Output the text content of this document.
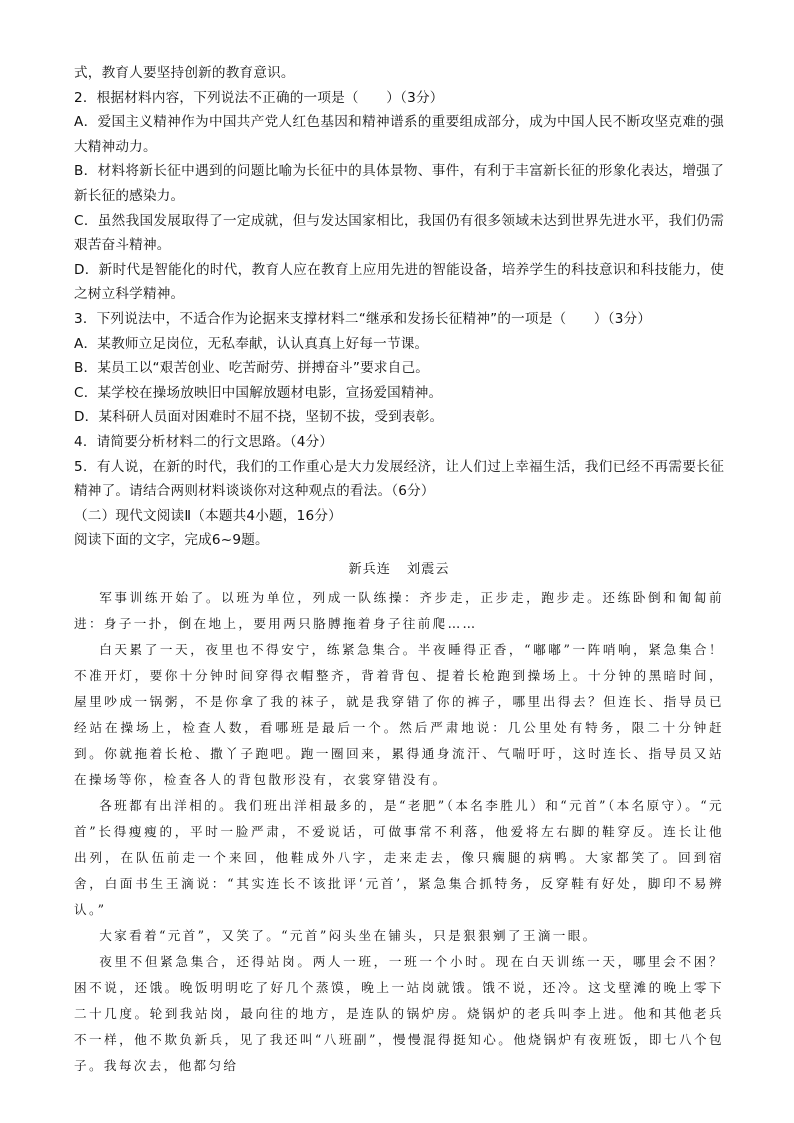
式，教育人要坚持创新的教育意识。

2．根据材料内容，下列说法不正确的一项是（　　）（3分）

A．爱国主义精神作为中国共产党人红色基因和精神谱系的重要组成部分，成为中国人民不断攻坚克难的强大精神动力。

B．材料将新长征中遇到的问题比喻为长征中的具体景物、事件，有利于丰富新长征的形象化表达，增强了新长征的感染力。

C．虽然我国发展取得了一定成就，但与发达国家相比，我国仍有很多领域未达到世界先进水平，我们仍需艰苦奋斗精神。

D．新时代是智能化的时代，教育人应在教育上应用先进的智能设备，培养学生的科技意识和科技能力，使之树立科学精神。

3．下列说法中，不适合作为论据来支撑材料二“继承和发扬长征精神”的一项是（　　）（3分）

A．某教师立足岗位，无私奉献，认认真真上好每一节课。

B．某员工以“艰苦创业、吃苦耐劳、拼搏奋斗”要求自己。

C．某学校在操场放映旧中国解放题材电影，宣扬爱国精神。

D．某科研人员面对困难时不屈不挠，坚韧不拔，受到表彰。

4．请简要分析材料二的行文思路。（4分）

5．有人说，在新的时代，我们的工作重心是大力发展经济，让人们过上幸福生活，我们已经不再需要长征精神了。请结合两则材料谈谈你对这种观点的看法。（6分）

（二）现代文阅读Ⅱ（本题共4小题，16分）

阅读下面的文字，完成6~9题。

新兵连 刘震云

军事训练开始了。以班为单位，列成一队练操：齐步走，正步走，跑步走。还练卧倒和匍匐前进：身子一扑，倒在地上，要用两只胳膊拖着身子往前爬……

白天累了一天，夜里也不得安宁，练紧急集合。半夜睡得正香，“嘟嘟”一阵哨响，紧急集合！不准开灯，要你十分钟时间穿得衣帽整齐，背着背包、提着长枪跑到操场上。十分钟的黑暗时间，屋里吵成一锅粥，不是你拿了我的袜子，就是我穿错了你的裤子，哪里出得去？但连长、指导员已经站在操场上，检查人数，看哪班是最后一个。然后严肃地说：几公里处有特务，限二十分钟赶到。你就拖着长枪、撒丫子跑吧。跑一圈回来，累得通身流汗、气喘吁吁，这时连长、指导员又站在操场等你，检查各人的背包散形没有，衣裳穿错没有。

各班都有出洋相的。我们班出洋相最多的，是“老肥”（本名李胜儿）和“元首”（本名原守）。“元首”长得瘦瘦的，平时一脸严肃，不爱说话，可做事常不利落，他爱将左右脚的鞋穿反。连长让他出列，在队伍前走一个来回，他鞋成外八字，走来走去，像只瘸腿的病鸭。大家都笑了。回到宿舍，白面书生王滴说：“其实连长不该批评‘元首’，紧急集合抓特务，反穿鞋有好处，脚印不易辨认。”

大家看着“元首”，又笑了。“元首”闷头坐在铺头，只是狠狠剜了王滴一眼。

夜里不但紧急集合，还得站岗。两人一班，一班一个小时。现在白天训练一天，哪里会不困？困不说，还饿。晚饭明明吃了好几个蒸馍，晚上一站岗就饿。饿不说，还冷。这戈壁滩的晚上零下二十几度。轮到我站岗，最向往的地方，是连队的锅炉房。烧锅炉的老兵叫李上进。他和其他老兵不一样，他不欺负新兵，见了我还叫“八班副”，慢慢混得挺知心。他烧锅炉有夜班饭，即七八个包子。我每次去，他都匀给
